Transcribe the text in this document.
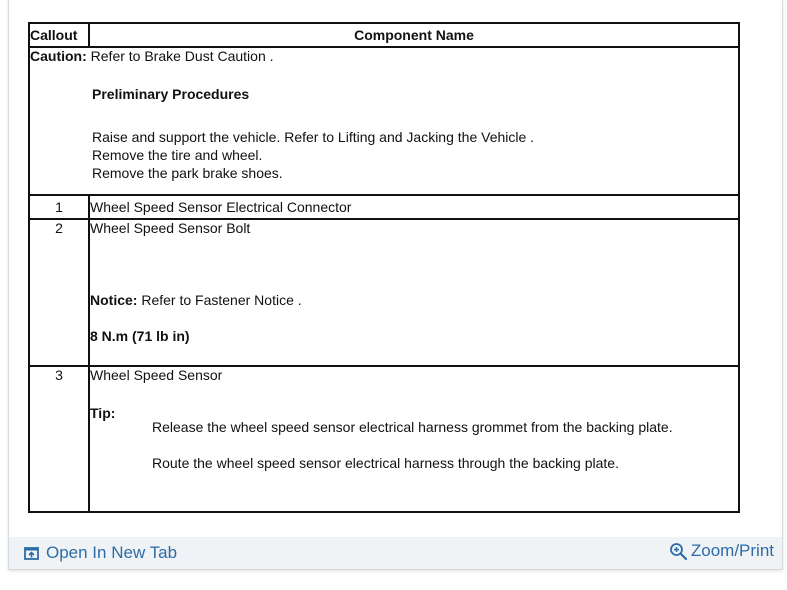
Callout	Component Name

Caution: Refer to Brake Dust Caution .
Preliminary Procedures
Raise and support the vehicle. Refer to Lifting and Jacking the Vehicle .
Remove the tire and wheel.
Remove the park brake shoes.	

1	Wheel Speed Sensor Electrical Connector
2	Wheel Speed Sensor Bolt
Notice: Refer to Fastener Notice .
8 N.m (71 lb in)

3	Wheel Speed Sensor
Tip:
Release the wheel speed sensor electrical harness grommet from the backing plate.
Route the wheel speed sensor electrical harness through the backing plate.
Open In New Tab	Zoom/Print
